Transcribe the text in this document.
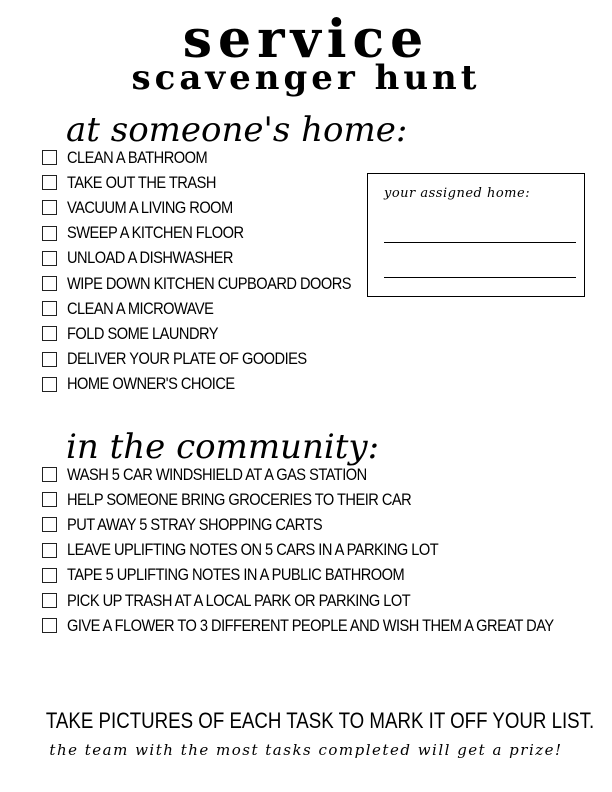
service
scavenger hunt
at someone's home:
CLEAN A BATHROOM
TAKE OUT THE TRASH
VACUUM A LIVING ROOM
SWEEP A KITCHEN FLOOR
UNLOAD A DISHWASHER
WIPE DOWN KITCHEN CUPBOARD DOORS
CLEAN A MICROWAVE
FOLD SOME LAUNDRY
DELIVER YOUR PLATE OF GOODIES
HOME OWNER'S CHOICE
your assigned home:
in the community:
WASH 5 CAR WINDSHIELD AT A GAS STATION
HELP SOMEONE BRING GROCERIES TO THEIR CAR
PUT AWAY 5 STRAY SHOPPING CARTS
LEAVE UPLIFTING NOTES ON 5 CARS IN A PARKING LOT
TAPE 5 UPLIFTING NOTES IN A PUBLIC BATHROOM
PICK UP TRASH AT A LOCAL PARK OR PARKING LOT
GIVE A FLOWER TO 3 DIFFERENT PEOPLE AND WISH THEM A GREAT DAY
TAKE PICTURES OF EACH TASK TO MARK IT OFF YOUR LIST.
the team with the most tasks completed will get a prize!
